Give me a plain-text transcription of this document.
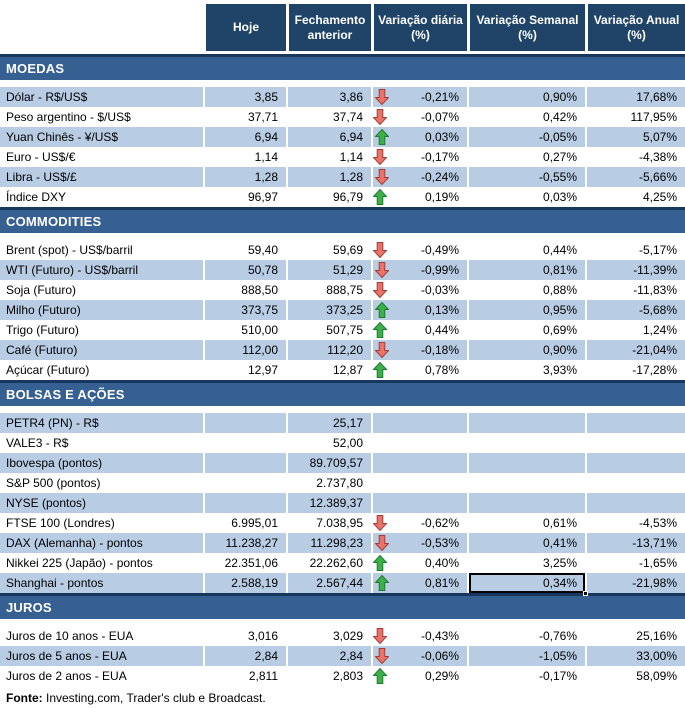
	Hoje	Fechamento anterior	Variação diária (%)	Variação Semanal (%)	Variação Anual (%)
MOEDAS					

Dólar - R$/US$	3,85	3,86	-0,21%	0,90%	17,68%
Peso argentino - $/US$	37,71	37,74	-0,07%	0,42%	117,95%
Yuan Chinês - ¥/US$	6,94	6,94	0,03%	-0,05%	5,07%
Euro - US$/€	1,14	1,14	-0,17%	0,27%	-4,38%
Libra - US$/£	1,28	1,28	-0,24%	-0,55%	-5,66%
Índice DXY	96,97	96,79	0,19%	0,03%	4,25%
COMMODITIES					

Brent (spot) - US$/barril	59,40	59,69	-0,49%	0,44%	-5,17%
WTI (Futuro) - US$/barril	50,78	51,29	-0,99%	0,81%	-11,39%
Soja (Futuro)	888,50	888,75	-0,03%	0,88%	-11,83%
Milho (Futuro)	373,75	373,25	0,13%	0,95%	-5,68%
Trigo (Futuro)	510,00	507,75	0,44%	0,69%	1,24%
Café (Futuro)	112,00	112,20	-0,18%	0,90%	-21,04%
Açúcar (Futuro)	12,97	12,87	0,78%	3,93%	-17,28%
BOLSAS E AÇÕES					

PETR4 (PN) - R$		25,17			
VALE3 - R$		52,00			
Ibovespa (pontos)		89.709,57			
S&P 500 (pontos)		2.737,80			
NYSE (pontos)		12.389,37			
FTSE 100 (Londres)	6.995,01	7.038,95	-0,62%	0,61%	-4,53%
DAX (Alemanha) - pontos	11.238,27	11.298,23	-0,53%	0,41%	-13,71%
Nikkei 225 (Japão) - pontos	22.351,06	22.262,60	0,40%	3,25%	-1,65%
Shanghai - pontos	2.588,19	2.567,44	0,81%	0,34%	-21,98%
JUROS					

Juros de 10 anos - EUA	3,016	3,029	-0,43%	-0,76%	25,16%
Juros de 5 anos - EUA	2,84	2,84	-0,06%	-1,05%	33,00%
Juros de 2 anos - EUA	2,811	2,803	0,29%	-0,17%	58,09%
Fonte: Investing.com, Trader's club e Broadcast.
